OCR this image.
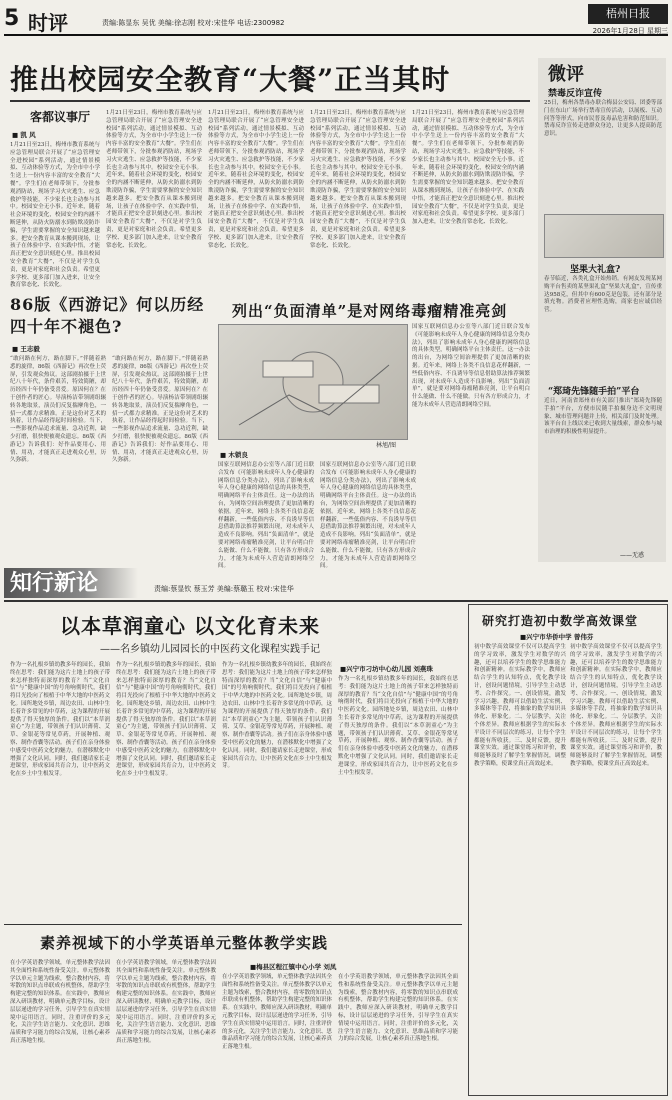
5 时评	责编:陈显东 吴优 美编:徐志刚 校对:宋佳华 电话:2300982
梧州日报
2026年1月28日 星期三
推出校园安全教育“大餐”正当其时
客都议事厅
■ 凯 风
1月21日至23日，梅州市教育系统与应急管理局联合开展了“应急管理安全进校园”系列活动，通过情景模拟、互动体验等方式，为全市中小学生送上一份内容丰富的安全教育“大餐”。学生们在老师带领下，分批参观消防站，现场学习火灾逃生、应急救护等技能，不少家长也主动参与其中。校园安全无小事。近年来，随着社会环境的变化，校园安全的内涵不断延伸，从防火防溺水到防欺凌防诈骗，学生需要掌握的安全知识越来越多。把安全教育从课本搬到现场，让孩子在体验中学、在实践中悟，才能真正把安全意识刻进心里。推出校园安全教育“大餐”，不仅是对学生负责，更是对家庭和社会负责。希望更多学校、更多部门加入进来，让安全教育常态化、长效化。
1月21日至23日，梅州市教育系统与应急管理局联合开展了“应急管理安全进校园”系列活动，通过情景模拟、互动体验等方式，为全市中小学生送上一份内容丰富的安全教育“大餐”。学生们在老师带领下，分批参观消防站，现场学习火灾逃生、应急救护等技能，不少家长也主动参与其中。校园安全无小事。近年来，随着社会环境的变化，校园安全的内涵不断延伸，从防火防溺水到防欺凌防诈骗，学生需要掌握的安全知识越来越多。把安全教育从课本搬到现场，让孩子在体验中学、在实践中悟，才能真正把安全意识刻进心里。推出校园安全教育“大餐”，不仅是对学生负责，更是对家庭和社会负责。希望更多学校、更多部门加入进来，让安全教育常态化、长效化。
1月21日至23日，梅州市教育系统与应急管理局联合开展了“应急管理安全进校园”系列活动，通过情景模拟、互动体验等方式，为全市中小学生送上一份内容丰富的安全教育“大餐”。学生们在老师带领下，分批参观消防站，现场学习火灾逃生、应急救护等技能，不少家长也主动参与其中。校园安全无小事。近年来，随着社会环境的变化，校园安全的内涵不断延伸，从防火防溺水到防欺凌防诈骗，学生需要掌握的安全知识越来越多。把安全教育从课本搬到现场，让孩子在体验中学、在实践中悟，才能真正把安全意识刻进心里。推出校园安全教育“大餐”，不仅是对学生负责，更是对家庭和社会负责。希望更多学校、更多部门加入进来，让安全教育常态化、长效化。
1月21日至23日，梅州市教育系统与应急管理局联合开展了“应急管理安全进校园”系列活动，通过情景模拟、互动体验等方式，为全市中小学生送上一份内容丰富的安全教育“大餐”。学生们在老师带领下，分批参观消防站，现场学习火灾逃生、应急救护等技能，不少家长也主动参与其中。校园安全无小事。近年来，随着社会环境的变化，校园安全的内涵不断延伸，从防火防溺水到防欺凌防诈骗，学生需要掌握的安全知识越来越多。把安全教育从课本搬到现场，让孩子在体验中学、在实践中悟，才能真正把安全意识刻进心里。推出校园安全教育“大餐”，不仅是对学生负责，更是对家庭和社会负责。希望更多学校、更多部门加入进来，让安全教育常态化、长效化。
1月21日至23日，梅州市教育系统与应急管理局联合开展了“应急管理安全进校园”系列活动，通过情景模拟、互动体验等方式，为全市中小学生送上一份内容丰富的安全教育“大餐”。学生们在老师带领下，分批参观消防站，现场学习火灾逃生、应急救护等技能，不少家长也主动参与其中。校园安全无小事。近年来，随着社会环境的变化，校园安全的内涵不断延伸，从防火防溺水到防欺凌防诈骗，学生需要掌握的安全知识越来越多。把安全教育从课本搬到现场，让孩子在体验中学、在实践中悟，才能真正把安全意识刻进心里。推出校园安全教育“大餐”，不仅是对学生负责，更是对家庭和社会负责。希望更多学校、更多部门加入进来，让安全教育常态化、长效化。
微评
禁毒反诈宣传
25日，梅州各禁毒办联合梅县公安局、团委等部门在东山广场举行禁毒宣传活动，以展板、互动问答等形式，向市民普及毒品危害和防范知识。禁毒反诈宣传走进群众身边，让更多人提高防范意识。
坚果大礼盒?
春节临近，各类礼盒开始热销。有网友发现某网购平台售卖的某坚果礼盒“坚果大礼盒”，宣传重达958克，但其中有600克是包装，还有部分是填充物。消费者应理性选购，商家也应诚信经营。
“郑琦先锋随手拍”平台
近日，河南省郑州市有关部门推出“郑琦先锋随手拍”平台，方便市民随手拍摄身边不文明现象、城市管理问题并上传，相关部门及时处理。该平台自上线以来已收到大量线索，群众参与城市治理的积极性明显提升。
——无惑
86版《西游记》何以历经四十年不褪色?
■ 王志毅
“敢问路在何方，路在脚下。”伴随着熟悉的旋律，86版《西游记》再次登上荧屏，引发观众热议。这部剧拍摄于上世纪八十年代，条件艰苦，特效简陋，却历经四十年仍备受喜爱。原因何在？在于创作者的匠心。导演杨洁带领剧组辗转各地取景，演员们反复揣摩角色，一招一式都力求精准。正是这份对艺术的执着，让作品经得起时间检验。当下，一些影视作品追求流量、急功近利，缺少打磨，很快便被观众遗忘。86版《西游记》告诉我们：好作品要用心、用情、用功，才能真正走进观众心里，历久弥新。
“敢问路在何方，路在脚下。”伴随着熟悉的旋律，86版《西游记》再次登上荧屏，引发观众热议。这部剧拍摄于上世纪八十年代，条件艰苦，特效简陋，却历经四十年仍备受喜爱。原因何在？在于创作者的匠心。导演杨洁带领剧组辗转各地取景，演员们反复揣摩角色，一招一式都力求精准。正是这份对艺术的执着，让作品经得起时间检验。当下，一些影视作品追求流量、急功近利，缺少打磨，很快便被观众遗忘。86版《西游记》告诉我们：好作品要用心、用情、用功，才能真正走进观众心里，历久弥新。
列出“负面清单”是对网络毒瘤精准亮剑
林旭/图
■ 木锁良
国家互联网信息办公室等八部门近日联合发布《可能影响未成年人身心健康的网络信息分类办法》，列出了影响未成年人身心健康的网络信息的具体类型，明确网络平台主体责任。这一办法的出台，为网络空间治理提供了更加清晰的依据。近年来，网络上各类不良信息花样翻新，一些低俗内容、不良诱导等信息借助算法推荐频繁出现，对未成年人造成不良影响。列出“负面清单”，就是要对网络毒瘤精准亮剑，让平台明白什么能做、什么不能做。只有各方形成合力，才能为未成年人营造清朗网络空间。
国家互联网信息办公室等八部门近日联合发布《可能影响未成年人身心健康的网络信息分类办法》，列出了影响未成年人身心健康的网络信息的具体类型，明确网络平台主体责任。这一办法的出台，为网络空间治理提供了更加清晰的依据。近年来，网络上各类不良信息花样翻新，一些低俗内容、不良诱导等信息借助算法推荐频繁出现，对未成年人造成不良影响。列出“负面清单”，就是要对网络毒瘤精准亮剑，让平台明白什么能做、什么不能做。只有各方形成合力，才能为未成年人营造清朗网络空间。
国家互联网信息办公室等八部门近日联合发布《可能影响未成年人身心健康的网络信息分类办法》，列出了影响未成年人身心健康的网络信息的具体类型，明确网络平台主体责任。这一办法的出台，为网络空间治理提供了更加清晰的依据。近年来，网络上各类不良信息花样翻新，一些低俗内容、不良诱导等信息借助算法推荐频繁出现，对未成年人造成不良影响。列出“负面清单”，就是要对网络毒瘤精准亮剑，让平台明白什么能做、什么不能做。只有各方形成合力，才能为未成年人营造清朗网络空间。
知行新论	责编:蔡显钦 蔡玉芳 美编:蔡璐玉 校对:宋佳华
以本草润童心 以文化育未来
——名乡镇幼儿园园长的中医药文化课程实践手记
■兴宁市刁坊中心幼儿园 刘燕珠
作为一名扎根乡镇幼教多年的园长，我始终在思考：我们能为这片土地上的孩子带来怎样独特而深厚的教育？当“文化自信”与“健康中国”的号角响彻时代，我们将目光投向了根植于中华大地的中医药文化。园所地处乡镇，周边农田、山林中生长着许多常见的中草药，这为课程的开展提供了得天独厚的条件。我们以“本草润童心”为主题，带领孩子们认识薄荷、艾草、金银花等常见草药，开展种植、观察、制作香囊等活动。孩子们在亲身体验中感受中医药文化的魅力，在潜移默化中增强了文化认同。同时，我们邀请家长走进课堂，形成家园共育合力，让中医药文化在乡土中生根发芽。
作为一名扎根乡镇幼教多年的园长，我始终在思考：我们能为这片土地上的孩子带来怎样独特而深厚的教育？当“文化自信”与“健康中国”的号角响彻时代，我们将目光投向了根植于中华大地的中医药文化。园所地处乡镇，周边农田、山林中生长着许多常见的中草药，这为课程的开展提供了得天独厚的条件。我们以“本草润童心”为主题，带领孩子们认识薄荷、艾草、金银花等常见草药，开展种植、观察、制作香囊等活动。孩子们在亲身体验中感受中医药文化的魅力，在潜移默化中增强了文化认同。同时，我们邀请家长走进课堂，形成家园共育合力，让中医药文化在乡土中生根发芽。
作为一名扎根乡镇幼教多年的园长，我始终在思考：我们能为这片土地上的孩子带来怎样独特而深厚的教育？当“文化自信”与“健康中国”的号角响彻时代，我们将目光投向了根植于中华大地的中医药文化。园所地处乡镇，周边农田、山林中生长着许多常见的中草药，这为课程的开展提供了得天独厚的条件。我们以“本草润童心”为主题，带领孩子们认识薄荷、艾草、金银花等常见草药，开展种植、观察、制作香囊等活动。孩子们在亲身体验中感受中医药文化的魅力，在潜移默化中增强了文化认同。同时，我们邀请家长走进课堂，形成家园共育合力，让中医药文化在乡土中生根发芽。
作为一名扎根乡镇幼教多年的园长，我始终在思考：我们能为这片土地上的孩子带来怎样独特而深厚的教育？当“文化自信”与“健康中国”的号角响彻时代，我们将目光投向了根植于中华大地的中医药文化。园所地处乡镇，周边农田、山林中生长着许多常见的中草药，这为课程的开展提供了得天独厚的条件。我们以“本草润童心”为主题，带领孩子们认识薄荷、艾草、金银花等常见草药，开展种植、观察、制作香囊等活动。孩子们在亲身体验中感受中医药文化的魅力，在潜移默化中增强了文化认同。同时，我们邀请家长走进课堂，形成家园共育合力，让中医药文化在乡土中生根发芽。
研究打造初中数学高效课堂
■兴宁市华侨中学 曾伟芬
初中数学高效课堂不仅可以提高学生的学习效率，激发学生对数学的兴趣，还可以培养学生的数学思维能力和创新精神。在实际教学中，教师应结合学生的认知特点，优化教学设计，创设问题情境，引导学生主动思考、合作探究。一、创设情境，激发学习兴趣。教师可以借助生活实例、多媒体等手段，将抽象的数学知识具体化、形象化。二、分层教学，关注个体差异。教师应根据学生的实际水平设计不同层次的练习，让每个学生都能有所收获。三、及时反馈，提升课堂实效。通过课堂练习和评价，教师能够及时了解学生掌握情况，调整教学策略，使课堂真正高效起来。
初中数学高效课堂不仅可以提高学生的学习效率，激发学生对数学的兴趣，还可以培养学生的数学思维能力和创新精神。在实际教学中，教师应结合学生的认知特点，优化教学设计，创设问题情境，引导学生主动思考、合作探究。一、创设情境，激发学习兴趣。教师可以借助生活实例、多媒体等手段，将抽象的数学知识具体化、形象化。二、分层教学，关注个体差异。教师应根据学生的实际水平设计不同层次的练习，让每个学生都能有所收获。三、及时反馈，提升课堂实效。通过课堂练习和评价，教师能够及时了解学生掌握情况，调整教学策略，使课堂真正高效起来。
素养视域下的小学英语单元整体教学实践
■梅县区程江镇中心小学 刘凤
在小学英语教学领域，单元整体教学法因其全面性和系统性备受关注。单元整体教学以单元主题为线索，整合教材内容，将零散的知识点串联成有机整体，帮助学生构建完整的知识体系。在实践中，教师应深入研读教材，明确单元教学目标，设计层层递进的学习任务，引导学生在真实情境中运用语言。同时，注重评价的多元化，关注学生语言能力、文化意识、思维品质和学习能力的综合发展，让核心素养真正落地生根。
在小学英语教学领域，单元整体教学法因其全面性和系统性备受关注。单元整体教学以单元主题为线索，整合教材内容，将零散的知识点串联成有机整体，帮助学生构建完整的知识体系。在实践中，教师应深入研读教材，明确单元教学目标，设计层层递进的学习任务，引导学生在真实情境中运用语言。同时，注重评价的多元化，关注学生语言能力、文化意识、思维品质和学习能力的综合发展，让核心素养真正落地生根。
在小学英语教学领域，单元整体教学法因其全面性和系统性备受关注。单元整体教学以单元主题为线索，整合教材内容，将零散的知识点串联成有机整体，帮助学生构建完整的知识体系。在实践中，教师应深入研读教材，明确单元教学目标，设计层层递进的学习任务，引导学生在真实情境中运用语言。同时，注重评价的多元化，关注学生语言能力、文化意识、思维品质和学习能力的综合发展，让核心素养真正落地生根。
在小学英语教学领域，单元整体教学法因其全面性和系统性备受关注。单元整体教学以单元主题为线索，整合教材内容，将零散的知识点串联成有机整体，帮助学生构建完整的知识体系。在实践中，教师应深入研读教材，明确单元教学目标，设计层层递进的学习任务，引导学生在真实情境中运用语言。同时，注重评价的多元化，关注学生语言能力、文化意识、思维品质和学习能力的综合发展，让核心素养真正落地生根。
